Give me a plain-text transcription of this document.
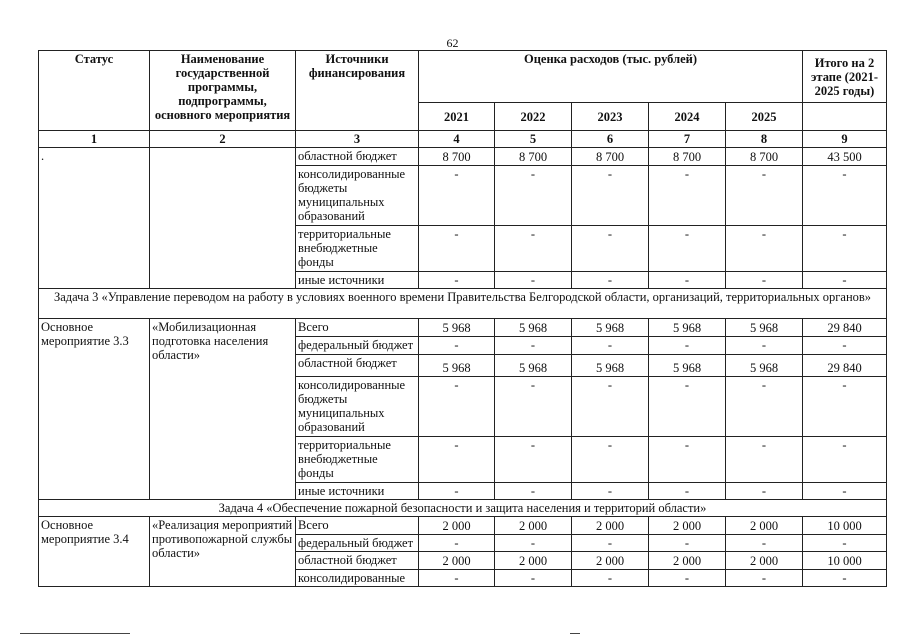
62
Статус	Наименование государственной программы, подпрограммы, основного мероприятия	Источники финансирования	Оценка расходов (тыс. рублей)					Итого на 2 этапе (2021-2025 годы)
			2021	2022	2023	2024	2025	
1	2	3	4	5	6	7	8	9
.		областной бюджет	8 700	8 700	8 700	8 700	8 700	43 500
		консолидированные бюджеты муниципальных образований	-	-	-	-	-	-
		территориальные внебюджетные фонды	-	-	-	-	-	-
		иные источники	-	-	-	-	-	-
Задача 3 «Управление переводом на работу в условиях военного времени Правительства Белгородской области, организаций, территориальных органов»								
Основное мероприятие 3.3	«Мобилизационная подготовка населения области»	Всего	5 968	5 968	5 968	5 968	5 968	29 840
		федеральный бюджет	-	-	-	-	-	-
		областной бюджет	5 968	5 968	5 968	5 968	5 968	29 840
		консолидированные бюджеты муниципальных образований	-	-	-	-	-	-
		территориальные внебюджетные фонды	-	-	-	-	-	-
		иные источники	-	-	-	-	-	-
Задача 4 «Обеспечение пожарной безопасности и защита населения и территорий области»								
Основное мероприятие 3.4	«Реализация мероприятий противопожарной службы области»	Всего	2 000	2 000	2 000	2 000	2 000	10 000
		федеральный бюджет	-	-	-	-	-	-
		областной бюджет	2 000	2 000	2 000	2 000	2 000	10 000
		консолидированные	-	-	-	-	-	-
